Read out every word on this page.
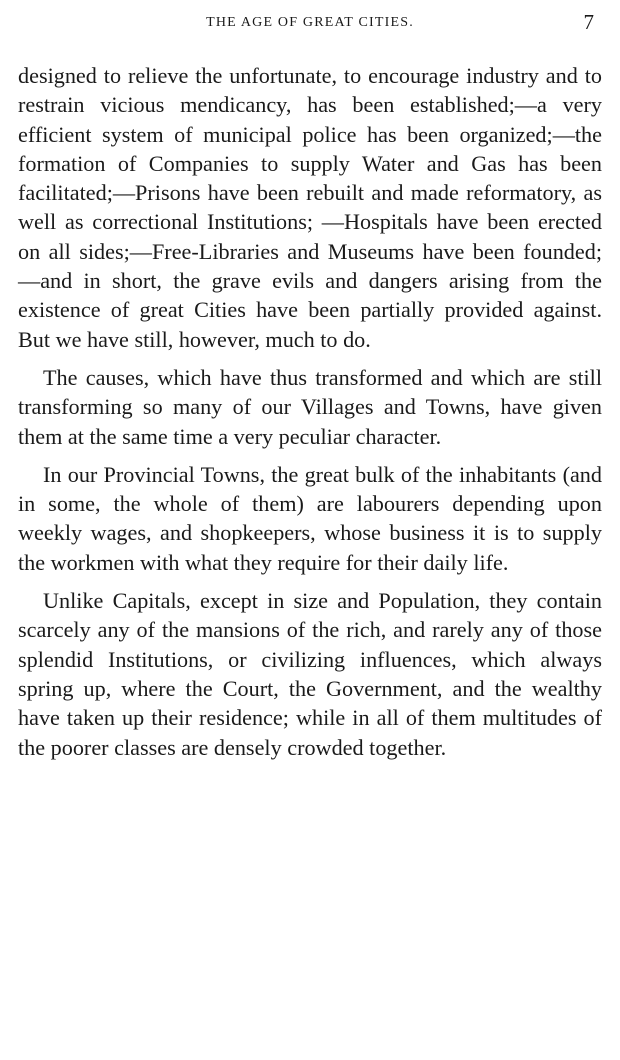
THE AGE OF GREAT CITIES.	7

designed to relieve the unfortunate, to encourage industry and to restrain vicious mendicancy, has been established;—a very efficient system of municipal police has been organized;—the formation of Companies to supply Water and Gas has been facilitated;—Prisons have been rebuilt and made reformatory, as well as correctional Institutions; —Hospitals have been erected on all sides;—Free-Libraries and Museums have been founded;—and in short, the grave evils and dangers arising from the existence of great Cities have been partially provided against. But we have still, however, much to do.

The causes, which have thus transformed and which are still transforming so many of our Villages and Towns, have given them at the same time a very peculiar character.

In our Provincial Towns, the great bulk of the inhabitants (and in some, the whole of them) are labourers depending upon weekly wages, and shopkeepers, whose business it is to supply the workmen with what they require for their daily life.

Unlike Capitals, except in size and Population, they contain scarcely any of the mansions of the rich, and rarely any of those splendid Institutions, or civilizing influences, which always spring up, where the Court, the Government, and the wealthy have taken up their residence; while in all of them multitudes of the poorer classes are densely crowded together.
